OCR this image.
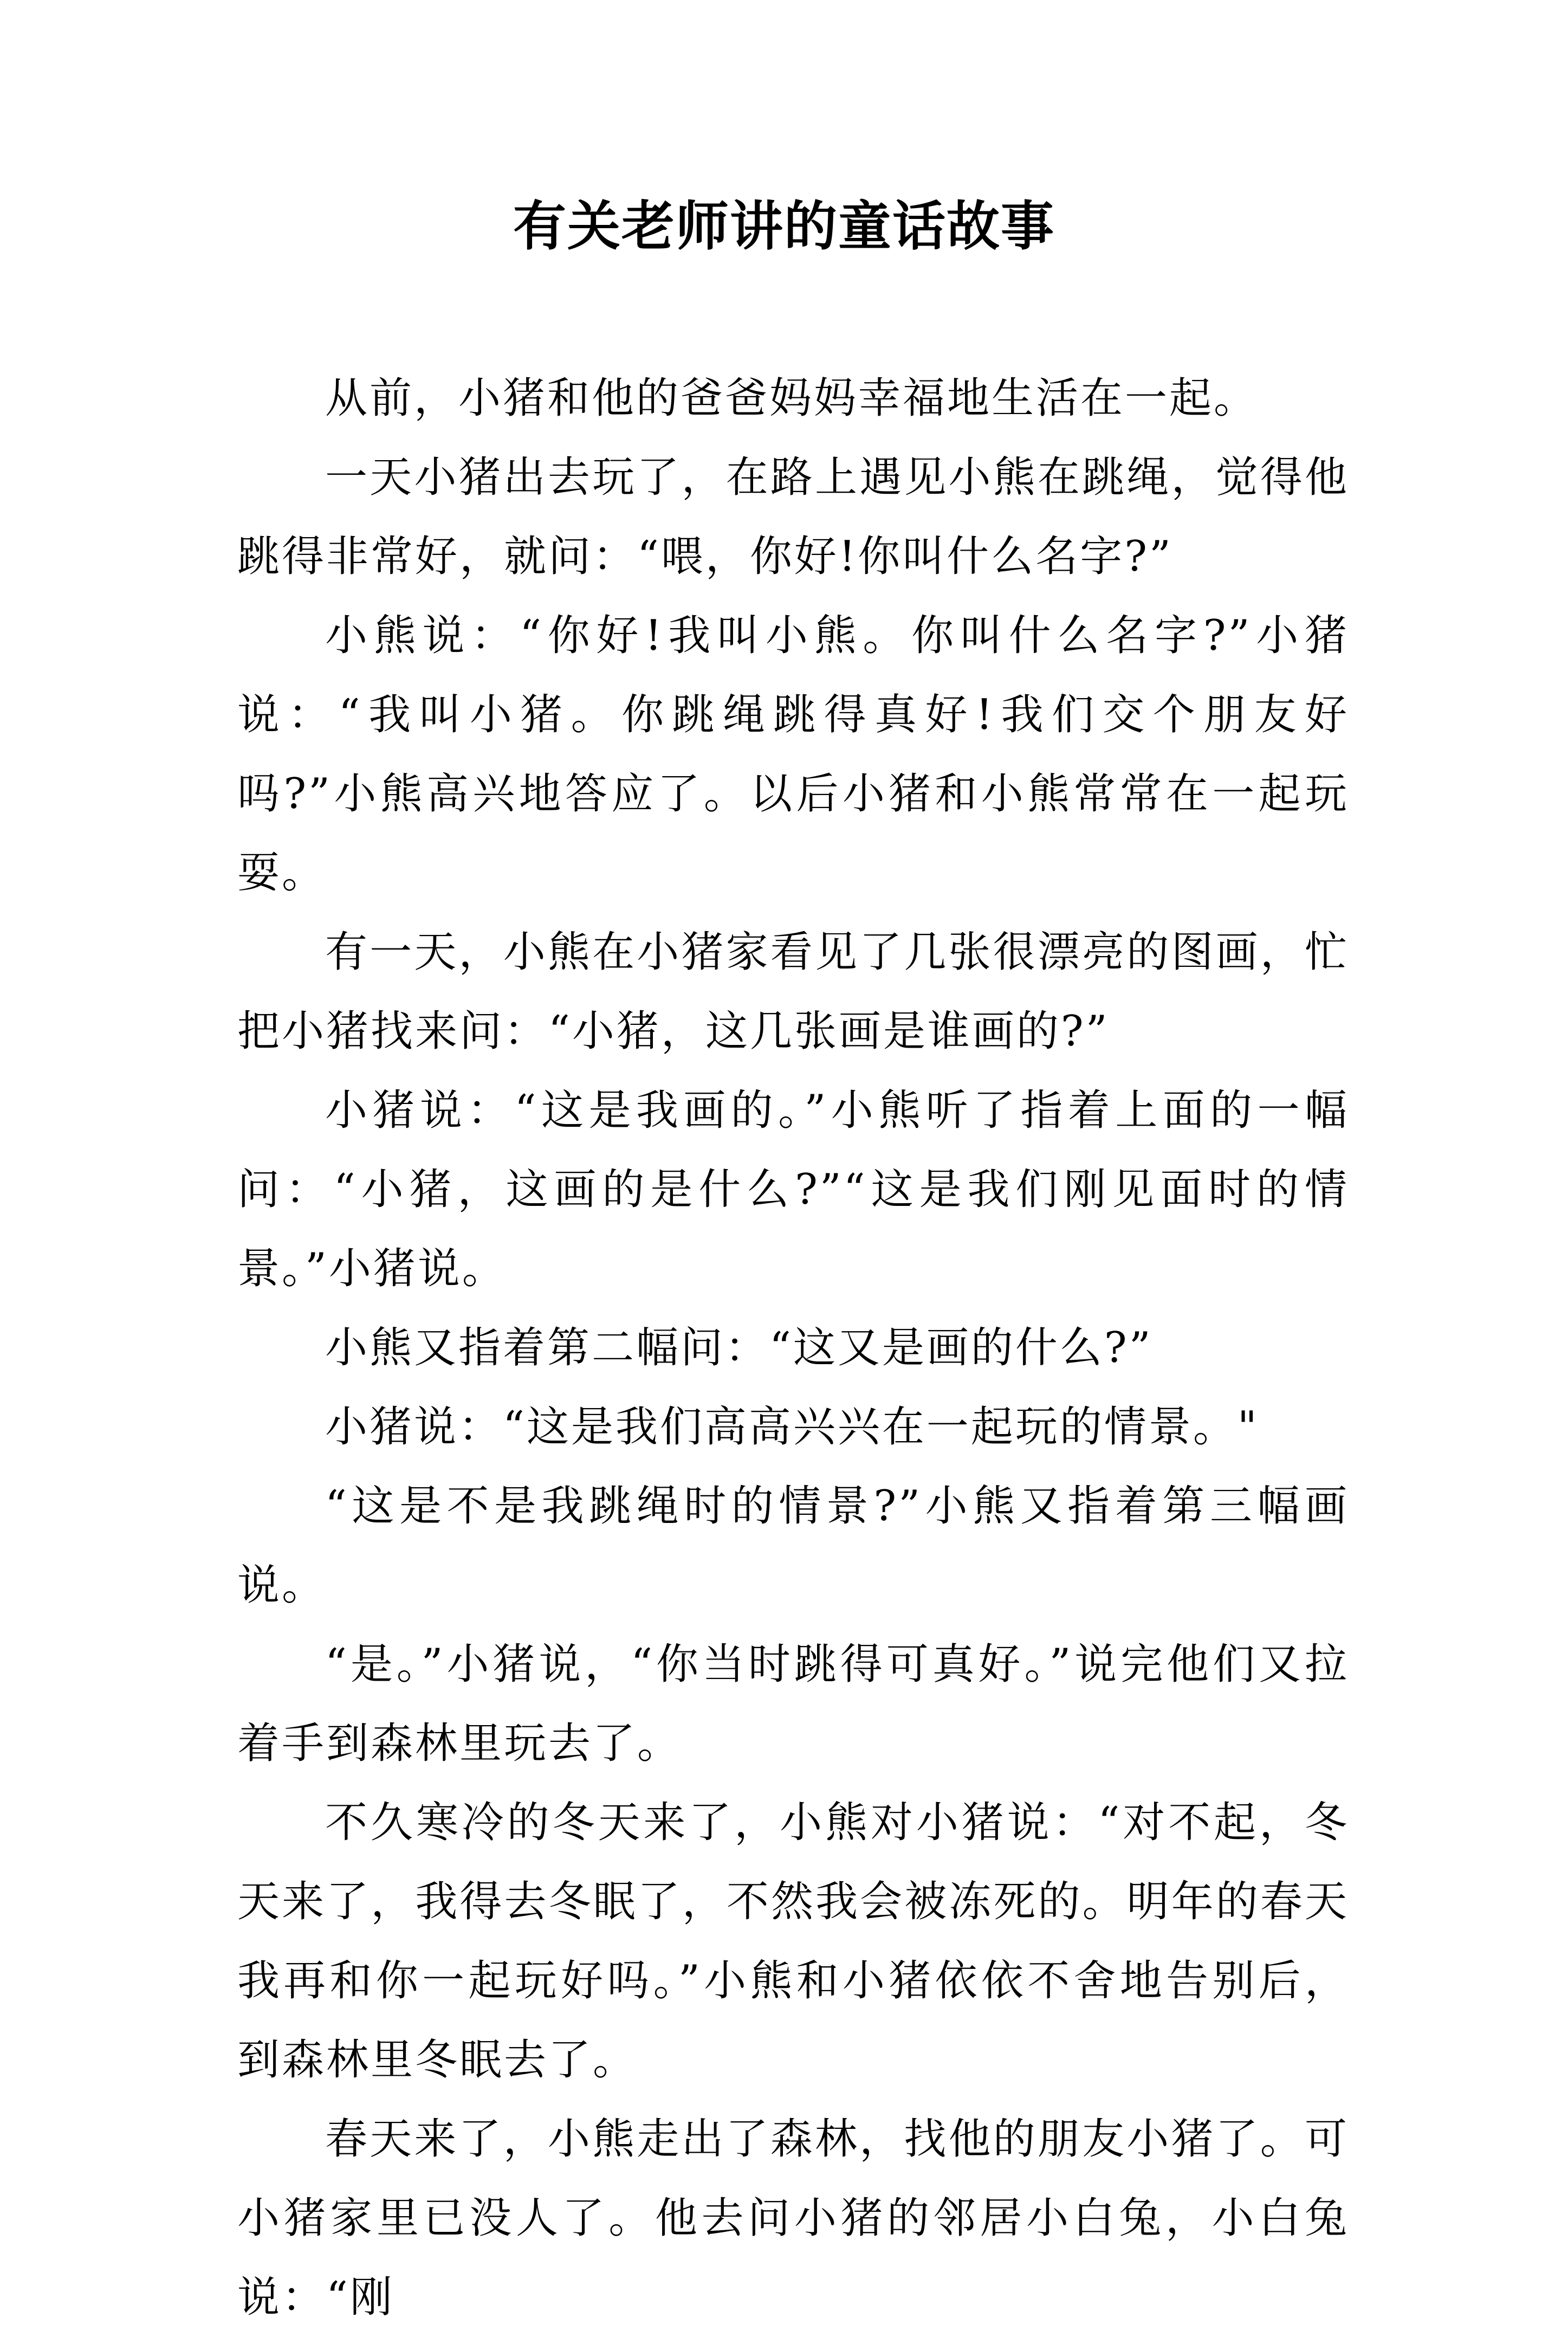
有关老师讲的童话故事

从前，小猪和他的爸爸妈妈幸福地生活在一起。

一天小猪出去玩了，在路上遇见小熊在跳绳，觉得他跳得非常好，就问：“喂，你好!你叫什么名字?”

小熊说：“你好!我叫小熊。你叫什么名字?”小猪说：“我叫小猪。你跳绳跳得真好!我们交个朋友好吗?”小熊高兴地答应了。以后小猪和小熊常常在一起玩耍。

有一天，小熊在小猪家看见了几张很漂亮的图画，忙把小猪找来问：“小猪，这几张画是谁画的?”

小猪说：“这是我画的。”小熊听了指着上面的一幅问：“小猪，这画的是什么?”“这是我们刚见面时的情景。”小猪说。

小熊又指着第二幅问：“这又是画的什么?”

小猪说：“这是我们高高兴兴在一起玩的情景。"

“这是不是我跳绳时的情景?”小熊又指着第三幅画说。

“是。”小猪说，“你当时跳得可真好。”说完他们又拉着手到森林里玩去了。

不久寒冷的冬天来了，小熊对小猪说：“对不起，冬天来了，我得去冬眠了，不然我会被冻死的。明年的春天我再和你一起玩好吗。”小熊和小猪依依不舍地告别后，到森林里冬眠去了。

春天来了，小熊走出了森林，找他的朋友小猪了。可小猪家里已没人了。他去问小猪的邻居小白兔，小白兔说：“刚
